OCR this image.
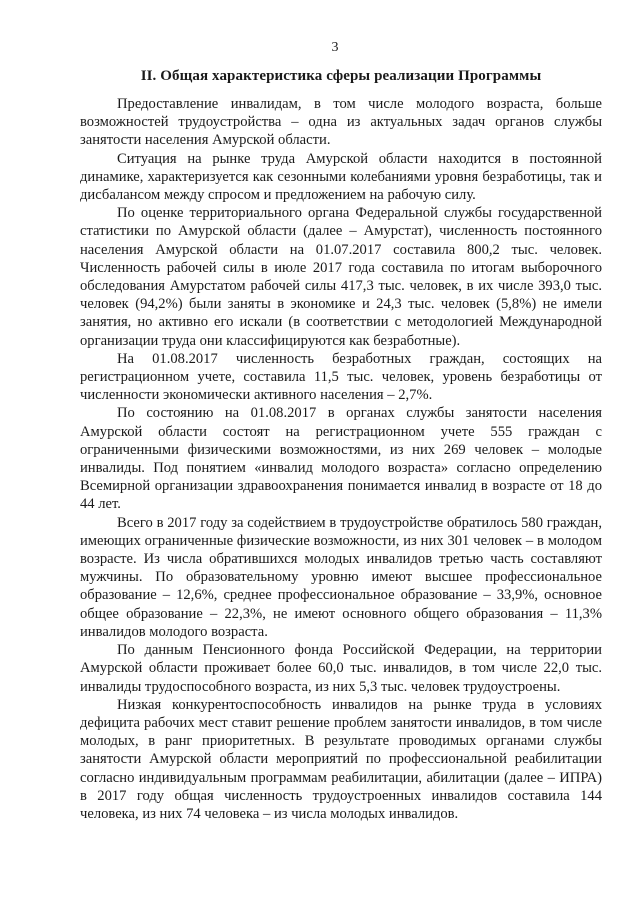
3
II. Общая характеристика сферы реализации Программы

Предоставление инвалидам, в том числе молодого возраста, больше возможностей трудоустройства – одна из актуальных задач органов службы занятости населения Амурской области.

Ситуация на рынке труда Амурской области находится в постоянной динамике, характеризуется как сезонными колебаниями уровня безработицы, так и дисбалансом между спросом и предложением на рабочую силу.

По оценке территориального органа Федеральной службы государственной статистики по Амурской области (далее – Амурстат), численность постоянного населения Амурской области на 01.07.2017 составила 800,2 тыс. человек. Численность рабочей силы в июле 2017 года составила по итогам выборочного обследования Амурстатом рабочей силы 417,3 тыс. человек, в их числе 393,0 тыс. человек (94,2%) были заняты в экономике и 24,3 тыс. человек (5,8%) не имели занятия, но активно его искали (в соответствии с методологией Международной организации труда они классифицируются как безработные).

На 01.08.2017 численность безработных граждан, состоящих на регистрационном учете, составила 11,5 тыс. человек, уровень безработицы от численности экономически активного населения – 2,7%.

По состоянию на 01.08.2017 в органах службы занятости населения Амурской области состоят на регистрационном учете 555 граждан с ограниченными физическими возможностями, из них 269 человек – молодые инвалиды. Под понятием «инвалид молодого возраста» согласно определению Всемирной организации здравоохранения понимается инвалид в возрасте от 18 до 44 лет.

Всего в 2017 году за содействием в трудоустройстве обратилось 580 граждан, имеющих ограниченные физические возможности, из них 301 человек – в молодом возрасте. Из числа обратившихся молодых инвалидов третью часть составляют мужчины. По образовательному уровню имеют высшее профессиональное образование – 12,6%, среднее профессиональное образование – 33,9%, основное общее образование – 22,3%, не имеют основного общего образования – 11,3% инвалидов молодого возраста.

По данным Пенсионного фонда Российской Федерации, на территории Амурской области проживает более 60,0 тыс. инвалидов, в том числе 22,0 тыс. инвалиды трудоспособного возраста, из них 5,3 тыс. человек трудоустроены.

Низкая конкурентоспособность инвалидов на рынке труда в условиях дефицита рабочих мест ставит решение проблем занятости инвалидов, в том числе молодых, в ранг приоритетных. В результате проводимых органами службы занятости Амурской области мероприятий по профессиональной реабилитации согласно индивидуальным программам реабилитации, абилитации (далее – ИПРА) в 2017 году общая численность трудоустроенных инвалидов составила 144 человека, из них 74 человека – из числа молодых инвалидов.
